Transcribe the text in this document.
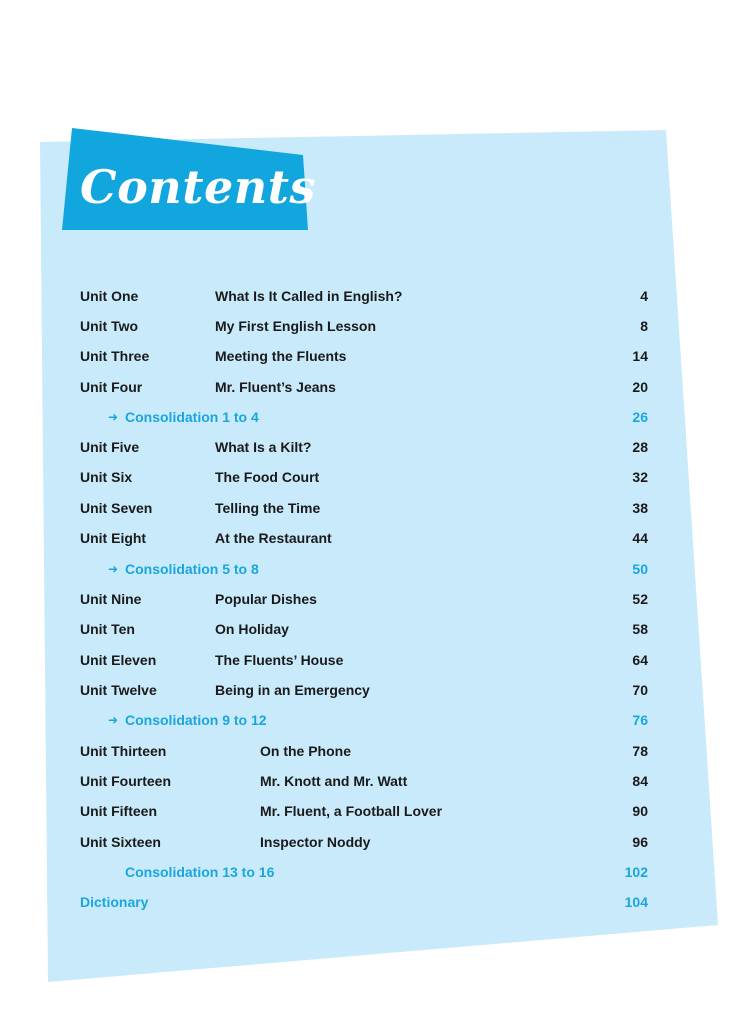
Contents
Unit One	What Is It Called in English?	4
Unit Two	My First English Lesson	8
Unit Three	Meeting the Fluents	14
Unit Four	Mr. Fluent’s Jeans	20
➜ Consolidation 1 to 4	26
Unit Five	What Is a Kilt?	28
Unit Six	The Food Court	32
Unit Seven	Telling the Time	38
Unit Eight	At the Restaurant	44
➜ Consolidation 5 to 8	50
Unit Nine	Popular Dishes	52
Unit Ten	On Holiday	58
Unit Eleven	The Fluents’ House	64
Unit Twelve	Being in an Emergency	70
➜ Consolidation 9 to 12	76
Unit Thirteen	On the Phone	78
Unit Fourteen	Mr. Knott and Mr. Watt	84
Unit Fifteen	Mr. Fluent, a Football Lover	90
Unit Sixteen	Inspector Noddy	96
Consolidation 13 to 16	102
Dictionary	104
